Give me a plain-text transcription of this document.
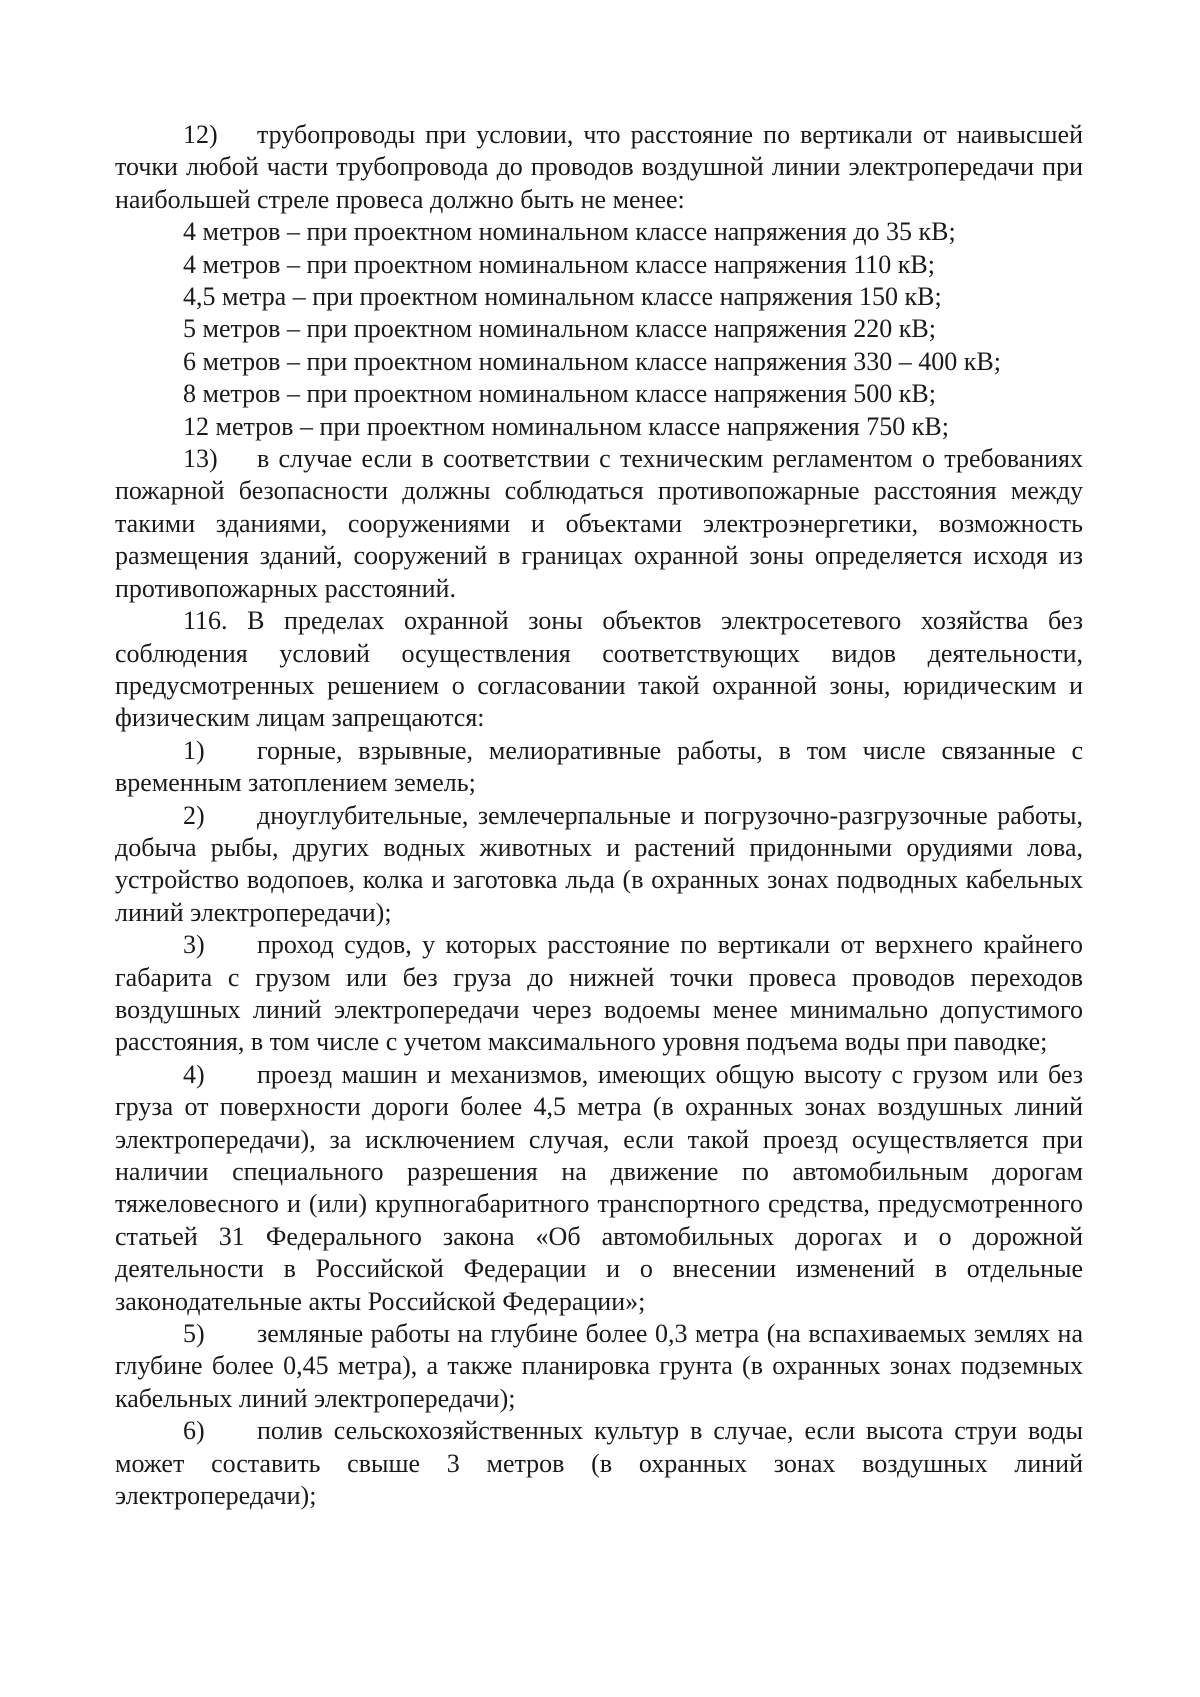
12) трубопроводы при условии, что расстояние по вертикали от наивысшей точки любой части трубопровода до проводов воздушной линии электропередачи при наибольшей стреле провеса должно быть не менее:

4 метров – при проектном номинальном классе напряжения до 35 кВ;

4 метров – при проектном номинальном классе напряжения 110 кВ;

4,5 метра – при проектном номинальном классе напряжения 150 кВ;

5 метров – при проектном номинальном классе напряжения 220 кВ;

6 метров – при проектном номинальном классе напряжения 330 – 400 кВ;

8 метров – при проектном номинальном классе напряжения 500 кВ;

12 метров – при проектном номинальном классе напряжения 750 кВ;

13) в случае если в соответствии с техническим регламентом о требованиях пожарной безопасности должны соблюдаться противопожарные расстояния между такими зданиями, сооружениями и объектами электроэнергетики, возможность размещения зданий, сооружений в границах охранной зоны определяется исходя из противопожарных расстояний.

116. В пределах охранной зоны объектов электросетевого хозяйства без соблюдения условий осуществления соответствующих видов деятельности, предусмотренных решением о согласовании такой охранной зоны, юридическим и физическим лицам запрещаются:

1) горные, взрывные, мелиоративные работы, в том числе связанные с временным затоплением земель;

2) дноуглубительные, землечерпальные и погрузочно-разгрузочные работы, добыча рыбы, других водных животных и растений придонными орудиями лова, устройство водопоев, колка и заготовка льда (в охранных зонах подводных кабельных линий электропередачи);

3) проход судов, у которых расстояние по вертикали от верхнего крайнего габарита с грузом или без груза до нижней точки провеса проводов переходов воздушных линий электропередачи через водоемы менее минимально допустимого расстояния, в том числе с учетом максимального уровня подъема воды при паводке;

4) проезд машин и механизмов, имеющих общую высоту с грузом или без груза от поверхности дороги более 4,5 метра (в охранных зонах воздушных линий электропередачи), за исключением случая, если такой проезд осуществляется при наличии специального разрешения на движение по автомобильным дорогам тяжеловесного и (или) крупногабаритного транспортного средства, предусмотренного статьей 31 Федерального закона «Об автомобильных дорогах и о дорожной деятельности в Российской Федерации и о внесении изменений в отдельные законодательные акты Российской Федерации»;

5) земляные работы на глубине более 0,3 метра (на вспахиваемых землях на глубине более 0,45 метра), а также планировка грунта (в охранных зонах подземных кабельных линий электропередачи);

6) полив сельскохозяйственных культур в случае, если высота струи воды может составить свыше 3 метров (в охранных зонах воздушных линий электропередачи);
